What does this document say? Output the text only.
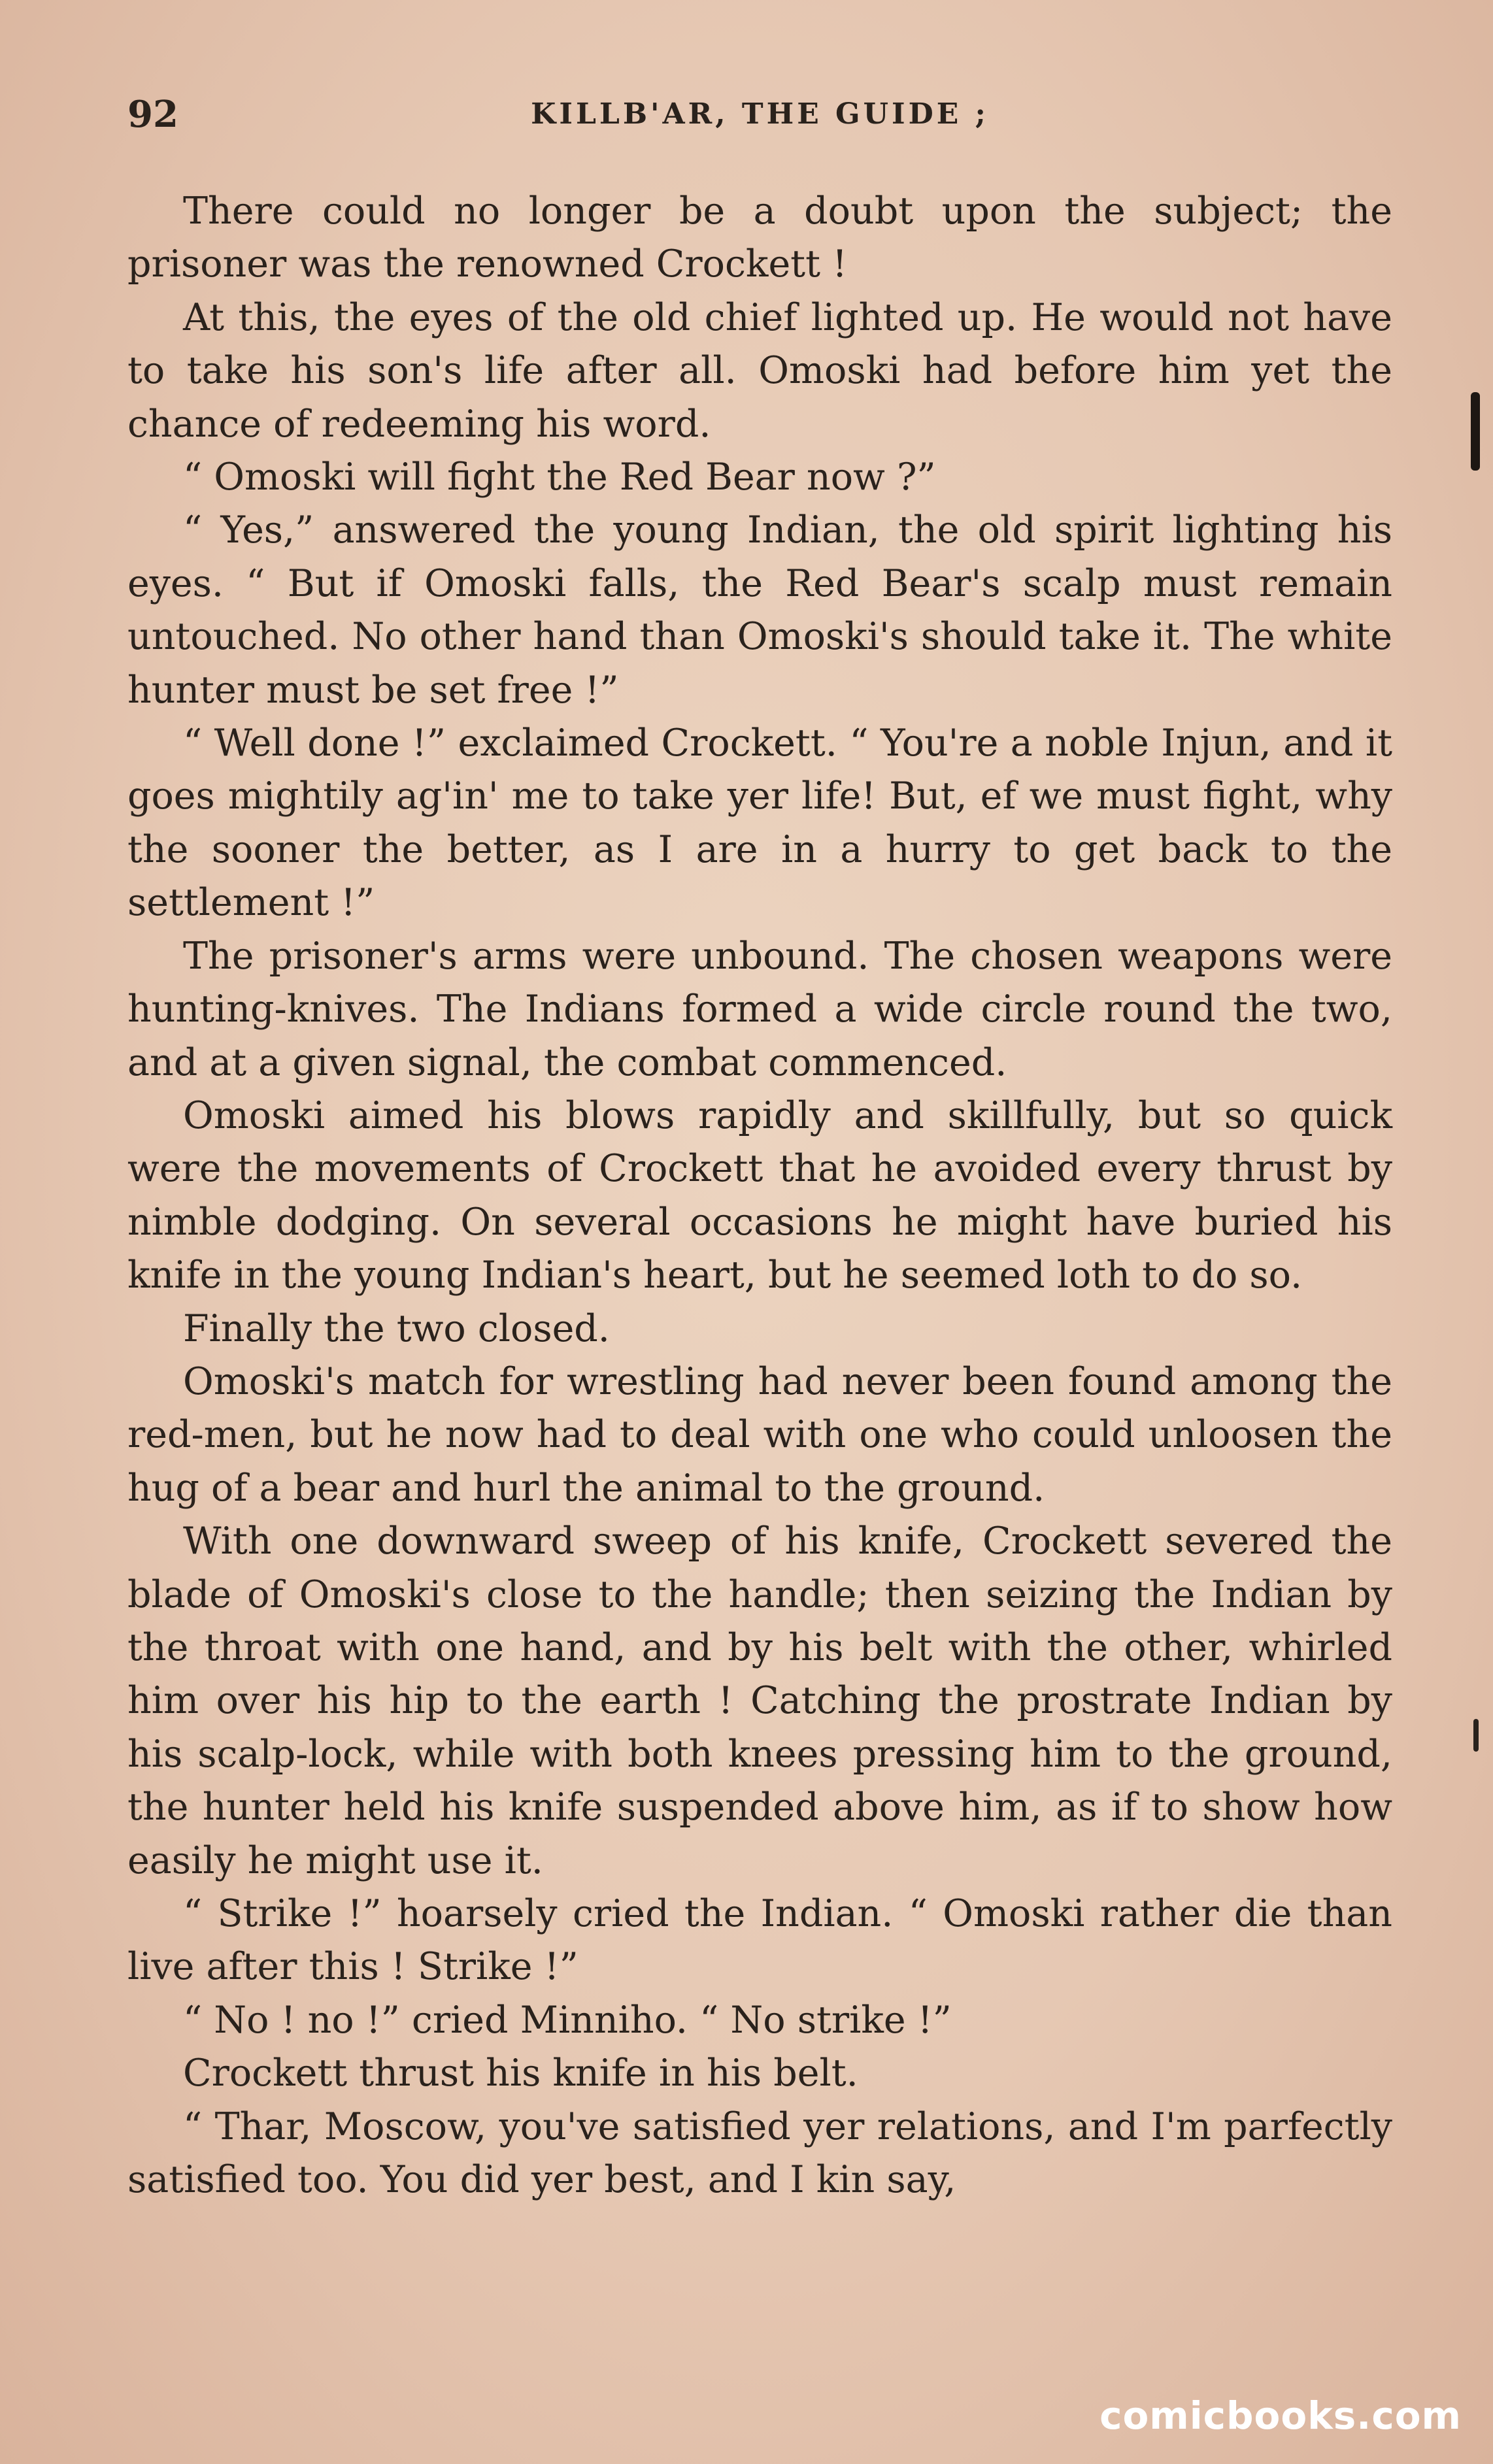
92	KILLB'AR, THE GUIDE ;

There could no longer be a doubt upon the subject; the prisoner was the renowned Crockett !

At this, the eyes of the old chief lighted up. He would not have to take his son's life after all. Omoski had before him yet the chance of redeeming his word.

“ Omoski will fight the Red Bear now ?”

“ Yes,” answered the young Indian, the old spirit lighting his eyes. “ But if Omoski falls, the Red Bear's scalp must remain untouched. No other hand than Omoski's should take it. The white hunter must be set free !”

“ Well done !” exclaimed Crockett. “ You're a noble Injun, and it goes mightily ag'in' me to take yer life! But, ef we must fight, why the sooner the better, as I are in a hurry to get back to the settlement !”

The prisoner's arms were unbound. The chosen weapons were hunting-knives. The Indians formed a wide circle round the two, and at a given signal, the combat commenced.

Omoski aimed his blows rapidly and skillfully, but so quick were the movements of Crockett that he avoided every thrust by nimble dodging. On several occasions he might have buried his knife in the young Indian's heart, but he seemed loth to do so.

Finally the two closed.

Omoski's match for wrestling had never been found among the red-men, but he now had to deal with one who could unloosen the hug of a bear and hurl the animal to the ground.

With one downward sweep of his knife, Crockett severed the blade of Omoski's close to the handle; then seizing the Indian by the throat with one hand, and by his belt with the other, whirled him over his hip to the earth ! Catching the prostrate Indian by his scalp-lock, while with both knees pressing him to the ground, the hunter held his knife suspended above him, as if to show how easily he might use it.

“ Strike !” hoarsely cried the Indian. “ Omoski rather die than live after this ! Strike !”

“ No ! no !” cried Minniho. “ No strike !”

Crockett thrust his knife in his belt.

“ Thar, Moscow, you've satisfied yer relations, and I'm parfectly satisfied too. You did yer best, and I kin say,

comicbooks.com
